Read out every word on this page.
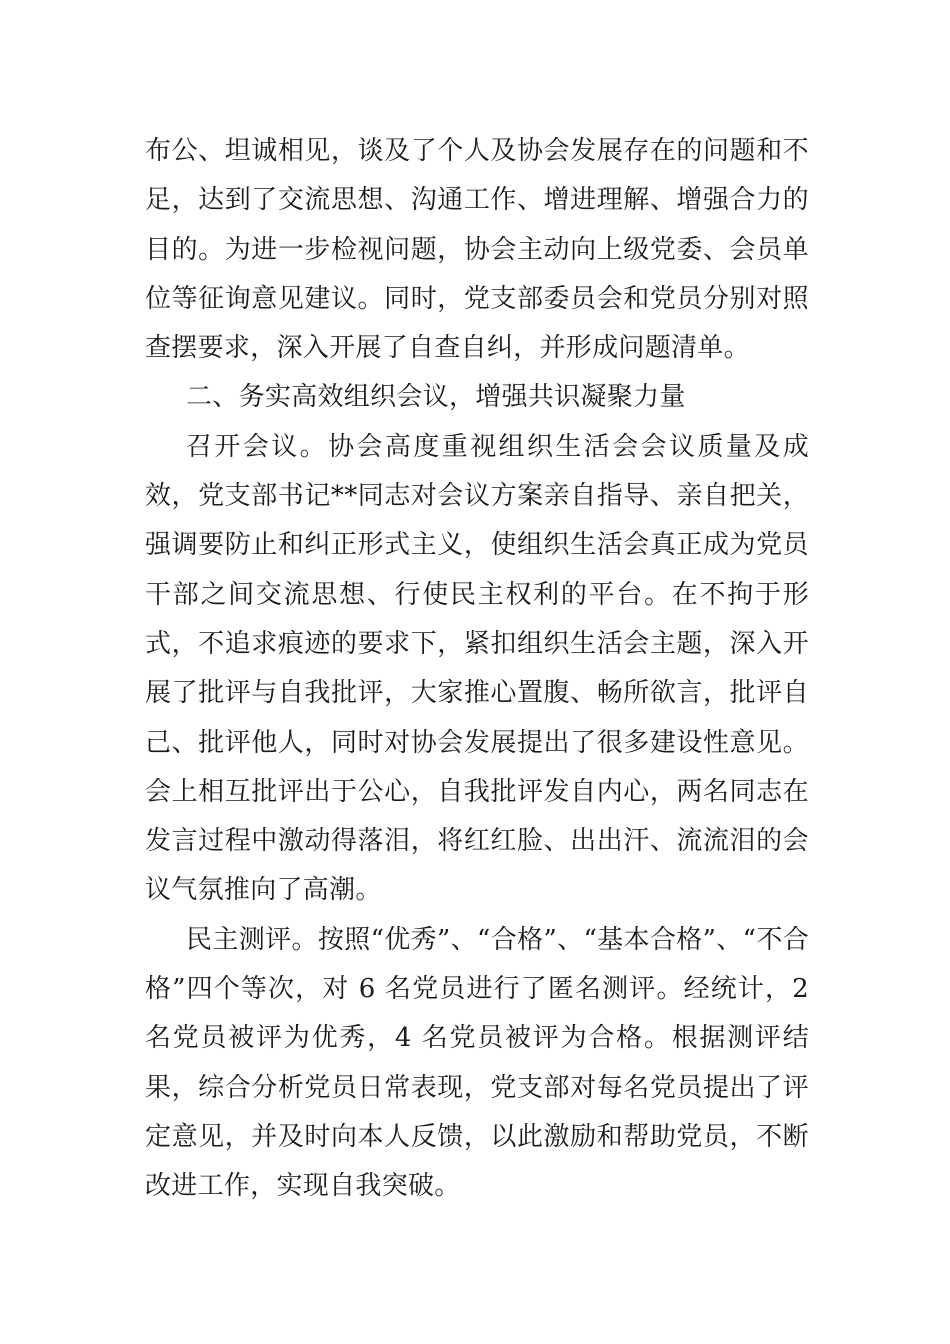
布公、坦诚相见，谈及了个人及协会发展存在的问题和不足，达到了交流思想、沟通工作、增进理解、增强合力的目的。为进一步检视问题，协会主动向上级党委、会员单位等征询意见建议。同时，党支部委员会和党员分别对照查摆要求，深入开展了自查自纠，并形成问题清单。

二、务实高效组织会议，增强共识凝聚力量

召开会议。协会高度重视组织生活会会议质量及成效，党支部书记**同志对会议方案亲自指导、亲自把关，强调要防止和纠正形式主义，使组织生活会真正成为党员干部之间交流思想、行使民主权利的平台。在不拘于形式，不追求痕迹的要求下，紧扣组织生活会主题，深入开展了批评与自我批评，大家推心置腹、畅所欲言，批评自己、批评他人，同时对协会发展提出了很多建设性意见。会上相互批评出于公心，自我批评发自内心，两名同志在发言过程中激动得落泪，将红红脸、出出汗、流流泪的会议气氛推向了高潮。

民主测评。按照“优秀”、“合格”、“基本合格”、“不合格”四个等次，对 6 名党员进行了匿名测评。经统计，2 名党员被评为优秀，4 名党员被评为合格。根据测评结果，综合分析党员日常表现，党支部对每名党员提出了评定意见，并及时向本人反馈，以此激励和帮助党员，不断改进工作，实现自我突破。
